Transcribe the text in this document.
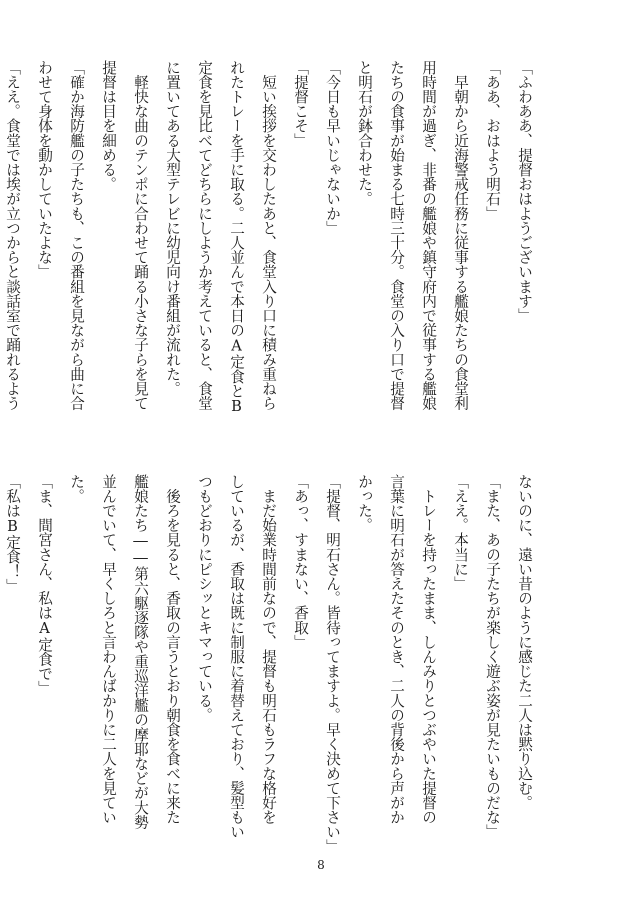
「ふわああ、提督おはようございます」
「ああ、おはよう明石」
　早朝から近海警戒任務に従事する艦娘たちの食堂利
用時間が過ぎ、非番の艦娘や鎮守府内で従事する艦娘
たちの食事が始まる七時三十分。食堂の入り口で提督
と明石が鉢合わせた。
「今日も早いじゃないか」
「提督こそ」
　短い挨拶を交わしたあと、食堂入り口に積み重ねら
れたトレーを手に取る。二人並んで本日のA定食とB
定食を見比べてどちらにしようか考えていると、食堂
に置いてある大型テレビに幼児向け番組が流れた。
　軽快な曲のテンポに合わせて踊る小さな子らを見て
提督は目を細める。
「確か海防艦の子たちも、この番組を見ながら曲に合
わせて身体を動かしていたよな」
「ええ。食堂では埃が立つからと談話室で踊れるよう
ないのに、遠い昔のように感じた二人は黙り込む。
「また、あの子たちが楽しく遊ぶ姿が見たいものだな」
「ええ。本当に」
　トレーを持ったまま、しんみりとつぶやいた提督の
言葉に明石が答えたそのとき、二人の背後から声がか
かった。
「提督、明石さん。皆待ってますよ。早く決めて下さい」
「あっ、すまない、香取」
　まだ始業時間前なので、提督も明石もラフな格好を
しているが、香取は既に制服に着替えており、髪型もい
つもどおりにピシッとキマっている。
　後ろを見ると、香取の言うとおり朝食を食べに来た
艦娘たち――第六駆逐隊や重巡洋艦の摩耶などが大勢
並んでいて、早くしろと言わんばかりに二人を見てい
た。
「ま、間宮さん、私はA定食で」
「私はB定食！」
8
